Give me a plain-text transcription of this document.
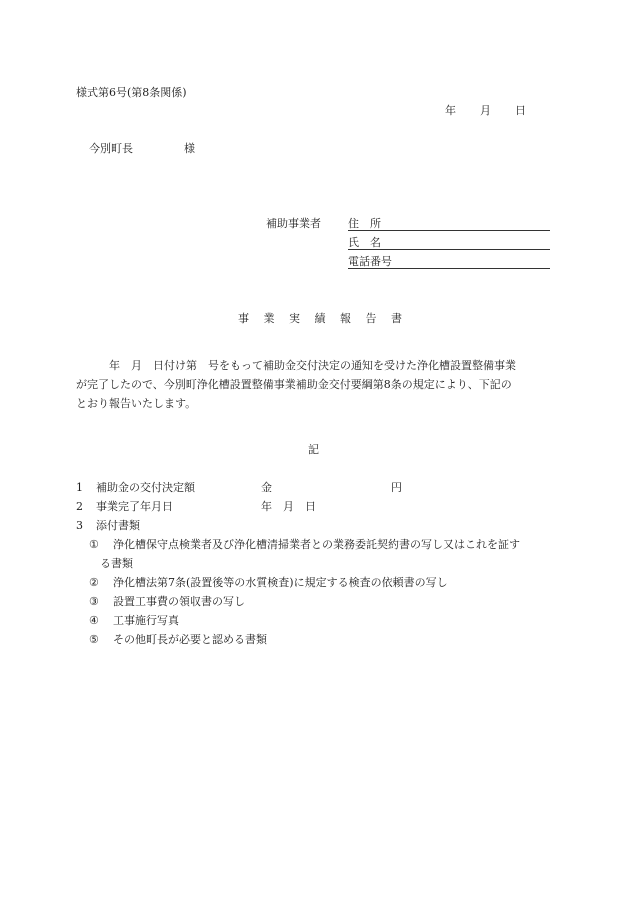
様式第6号(第8条関係)
年 月 日
今別町長	様
補助事業者 住　所
氏　名
電話番号
事業実績報告書

　年　月　日付け第　号をもって補助金交付決定の通知を受けた浄化槽設置整備事業

が完了したので、今別町浄化槽設置整備事業補助金交付要綱第8条の規定により、下記の

とおり報告いたします。

記
1 補助金の交付決定額	金	円
2 事業完了年月日	年　月　日
3 添付書類
① 浄化槽保守点検業者及び浄化槽清掃業者との業務委託契約書の写し又はこれを証す
る書類
② 浄化槽法第7条(設置後等の水質検査)に規定する検査の依頼書の写し
③ 設置工事費の領収書の写し
④ 工事施行写真
⑤ その他町長が必要と認める書類
